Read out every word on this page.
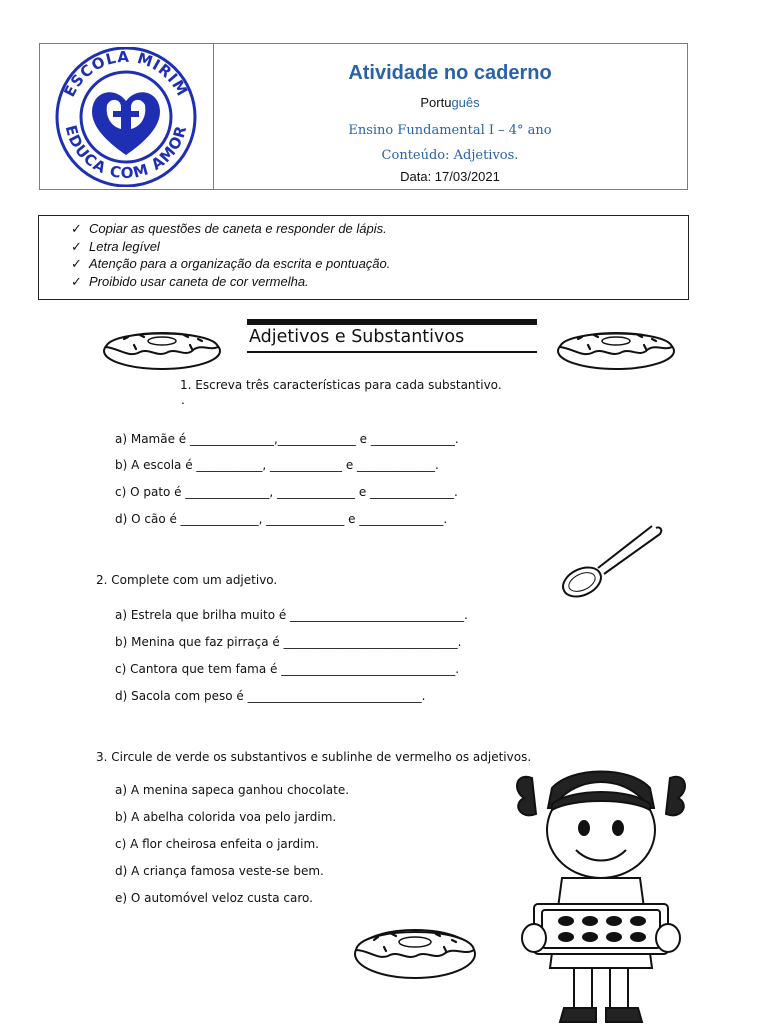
ESCOLA MIRIM
EDUCA COM AMOR
Atividade no caderno
Português
Ensino Fundamental I – 4° ano
Conteúdo: Adjetivos.
Data: 17/03/2021
✓ Copiar as questões de caneta e responder de lápis.
✓ Letra legível
✓ Atenção para a organização da escrita e pontuação.
✓ Proibido usar caneta de cor vermelha.
Adjetivos e Substantivos
1. Escreva três características para cada substantivo.
.
a) Mamãe é ______________,_____________ e ______________.
b) A escola é ___________, ____________ e _____________.
c) O pato é ______________, _____________ e ______________.
d) O cão é _____________, _____________ e ______________.
2. Complete com um adjetivo.
a) Estrela que brilha muito é _____________________________.
b) Menina que faz pirraça é _____________________________.
c) Cantora que tem fama é _____________________________.
d) Sacola com peso é _____________________________.
3. Circule de verde os substantivos e sublinhe de vermelho os adjetivos.
a) A menina sapeca ganhou chocolate.
b) A abelha colorida voa pelo jardim.
c) A flor cheirosa enfeita o jardim.
d) A criança famosa veste-se bem.
e) O automóvel veloz custa caro.
